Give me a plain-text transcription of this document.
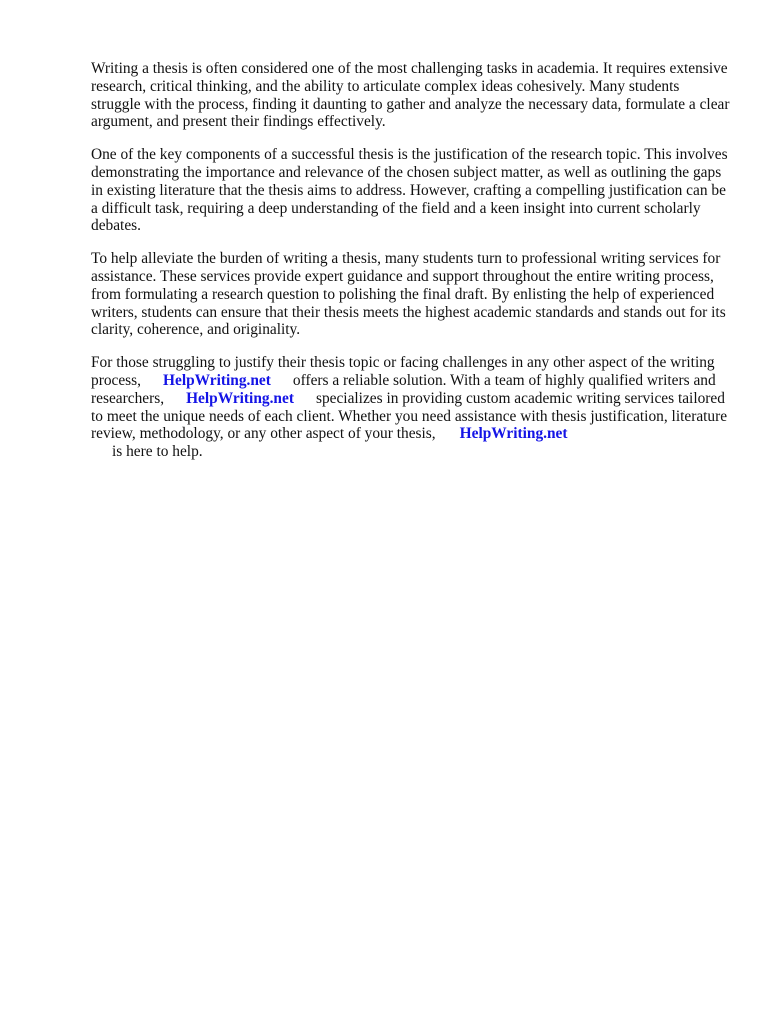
Writing a thesis is often considered one of the most challenging tasks in academia. It requires extensive research, critical thinking, and the ability to articulate complex ideas cohesively. Many students struggle with the process, finding it daunting to gather and analyze the necessary data, formulate a clear argument, and present their findings effectively.

One of the key components of a successful thesis is the justification of the research topic. This involves demonstrating the importance and relevance of the chosen subject matter, as well as outlining the gaps in existing literature that the thesis aims to address. However, crafting a compelling justification can be a difficult task, requiring a deep understanding of the field and a keen insight into current scholarly debates.

To help alleviate the burden of writing a thesis, many students turn to professional writing services for assistance. These services provide expert guidance and support throughout the entire writing process, from formulating a research question to polishing the final draft. By enlisting the help of experienced writers, students can ensure that their thesis meets the highest academic standards and stands out for its clarity, coherence, and originality.

For those struggling to justify their thesis topic or facing challenges in any other aspect of the writing process, HelpWriting.net offers a reliable solution. With a team of highly qualified writers and researchers, HelpWriting.net specializes in providing custom academic writing services tailored to meet the unique needs of each client. Whether you need assistance with thesis justification, literature review, methodology, or any other aspect of your thesis, HelpWriting.net
is here to help.
